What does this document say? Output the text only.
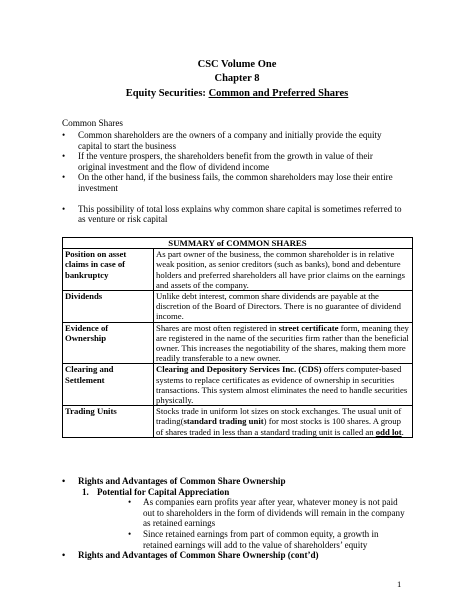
CSC Volume One
Chapter 8
Equity Securities: Common and Preferred Shares
Common Shares
• Common shareholders are the owners of a company and initially provide the equity capital to start the business
• If the venture prospers, the shareholders benefit from the growth in value of their original investment and the flow of dividend income
• On the other hand, if the business fails, the common shareholders may lose their entire investment
• This possibility of total loss explains why common share capital is sometimes referred to as venture or risk capital
SUMMARY of COMMON SHARES	
Position on asset claims in case of bankruptcy	As part owner of the business, the common shareholder is in relative weak position, as senior creditors (such as banks), bond and debenture holders and preferred shareholders all have prior claims on the earnings and assets of the company.
Dividends	Unlike debt interest, common share dividends are payable at the discretion of the Board of Directors. There is no guarantee of dividend income.
Evidence of Ownership	Shares are most often registered in street certificate form, meaning they are registered in the name of the securities firm rather than the beneficial owner. This increases the negotiability of the shares, making them more readily transferable to a new owner.
Clearing and Settlement	Clearing and Depository Services Inc. (CDS) offers computer-based systems to replace certificates as evidence of ownership in securities transactions. This system almost eliminates the need to handle securities physically.
Trading Units	Stocks trade in uniform lot sizes on stock exchanges. The usual unit of trading(standard trading unit) for most stocks is 100 shares. A group of shares traded in less than a standard trading unit is called an odd lot.
• Rights and Advantages of Common Share Ownership
1. Potential for Capital Appreciation
• As companies earn profits year after year, whatever money is not paid out to shareholders in the form of dividends will remain in the company as retained earnings
• Since retained earnings from part of common equity, a growth in retained earnings will add to the value of shareholders’ equity
• Rights and Advantages of Common Share Ownership (cont’d)
1
